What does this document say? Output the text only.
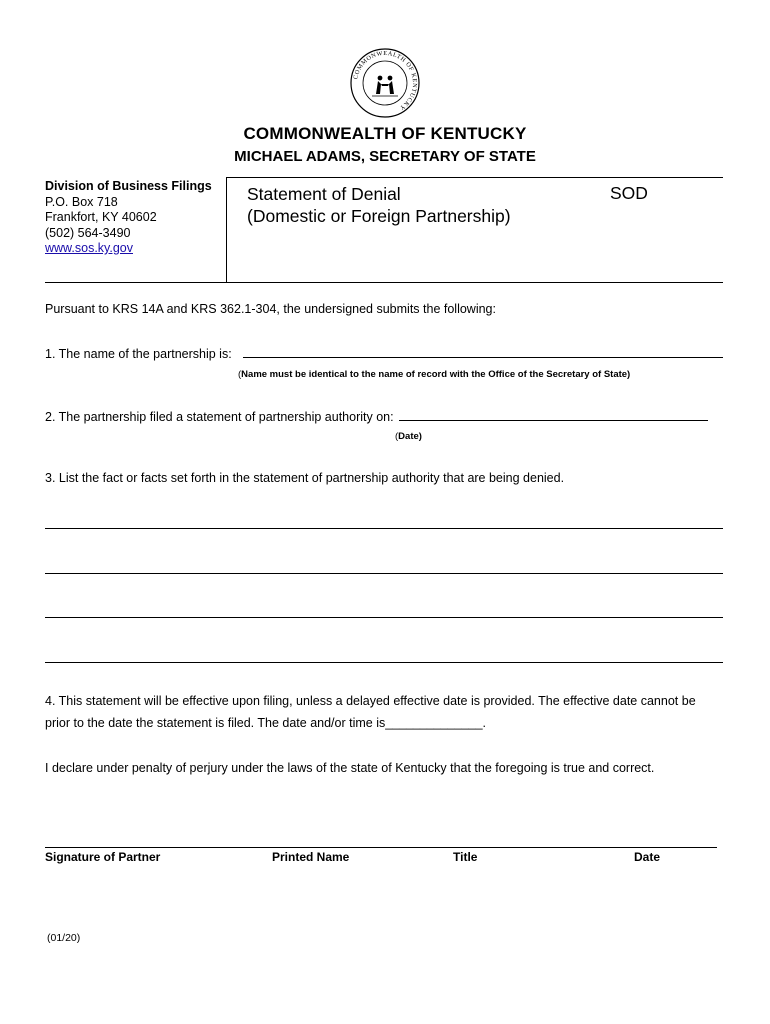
COMMONWEALTH OF KENTUCKY
COMMONWEALTH OF KENTUCKY
MICHAEL ADAMS, SECRETARY OF STATE
Division of Business Filings
P.O. Box 718
Frankfort, KY 40602
(502) 564-3490
www.sos.ky.gov
Statement of Denial
(Domestic or Foreign Partnership)
SOD
Pursuant to KRS 14A and KRS 362.1-304, the undersigned submits the following:
1. The name of the partnership is:
(Name must be identical to the name of record with the Office of the Secretary of State)
2. The partnership filed a statement of partnership authority on:
(Date)
3. List the fact or facts set forth in the statement of partnership authority that are being denied.
4. This statement will be effective upon filing, unless a delayed effective date is provided. The effective date cannot be
prior to the date the statement is filed. The date and/or time is______________.
I declare under penalty of perjury under the laws of the state of Kentucky that the foregoing is true and correct.
Signature of Partner	Printed Name	Title	Date
(01/20)
